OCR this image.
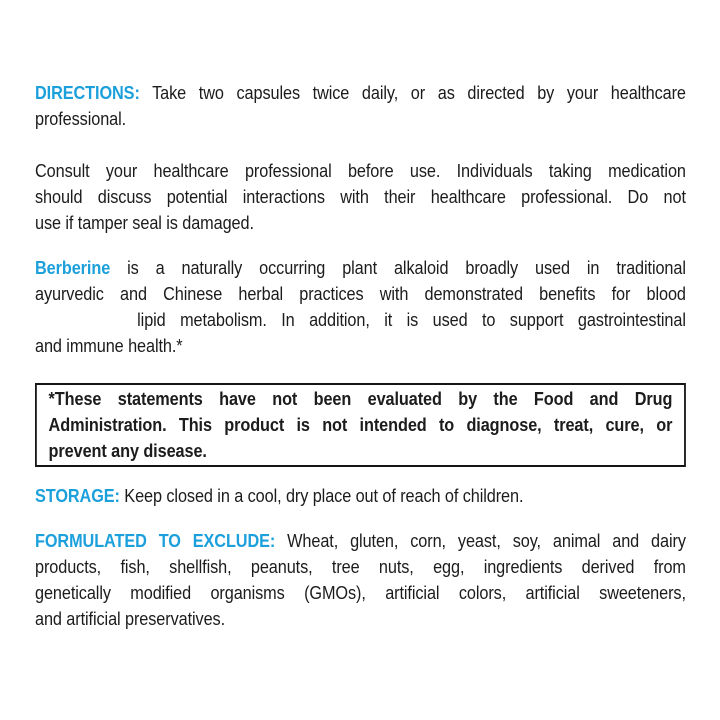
DIRECTIONS: Take two capsules twice daily, or as directed by your healthcare
professional.
Consult your healthcare professional before use. Individuals taking medication
should discuss potential interactions with their healthcare professional. Do not
use if tamper seal is damaged.
Berberine is a naturally occurring plant alkaloid broadly used in traditional
ayurvedic and Chinese herbal practices with demonstrated benefits for blood
lipid metabolism. In addition, it is used to support gastrointestinal
and immune health.*
*These statements have not been evaluated by the Food and Drug
Administration. This product is not intended to diagnose, treat, cure, or
prevent any disease.
STORAGE: Keep closed in a cool, dry place out of reach of children.
FORMULATED TO EXCLUDE: Wheat, gluten, corn, yeast, soy, animal and dairy
products, fish, shellfish, peanuts, tree nuts, egg, ingredients derived from
genetically modified organisms (GMOs), artificial colors, artificial sweeteners,
and artificial preservatives.
